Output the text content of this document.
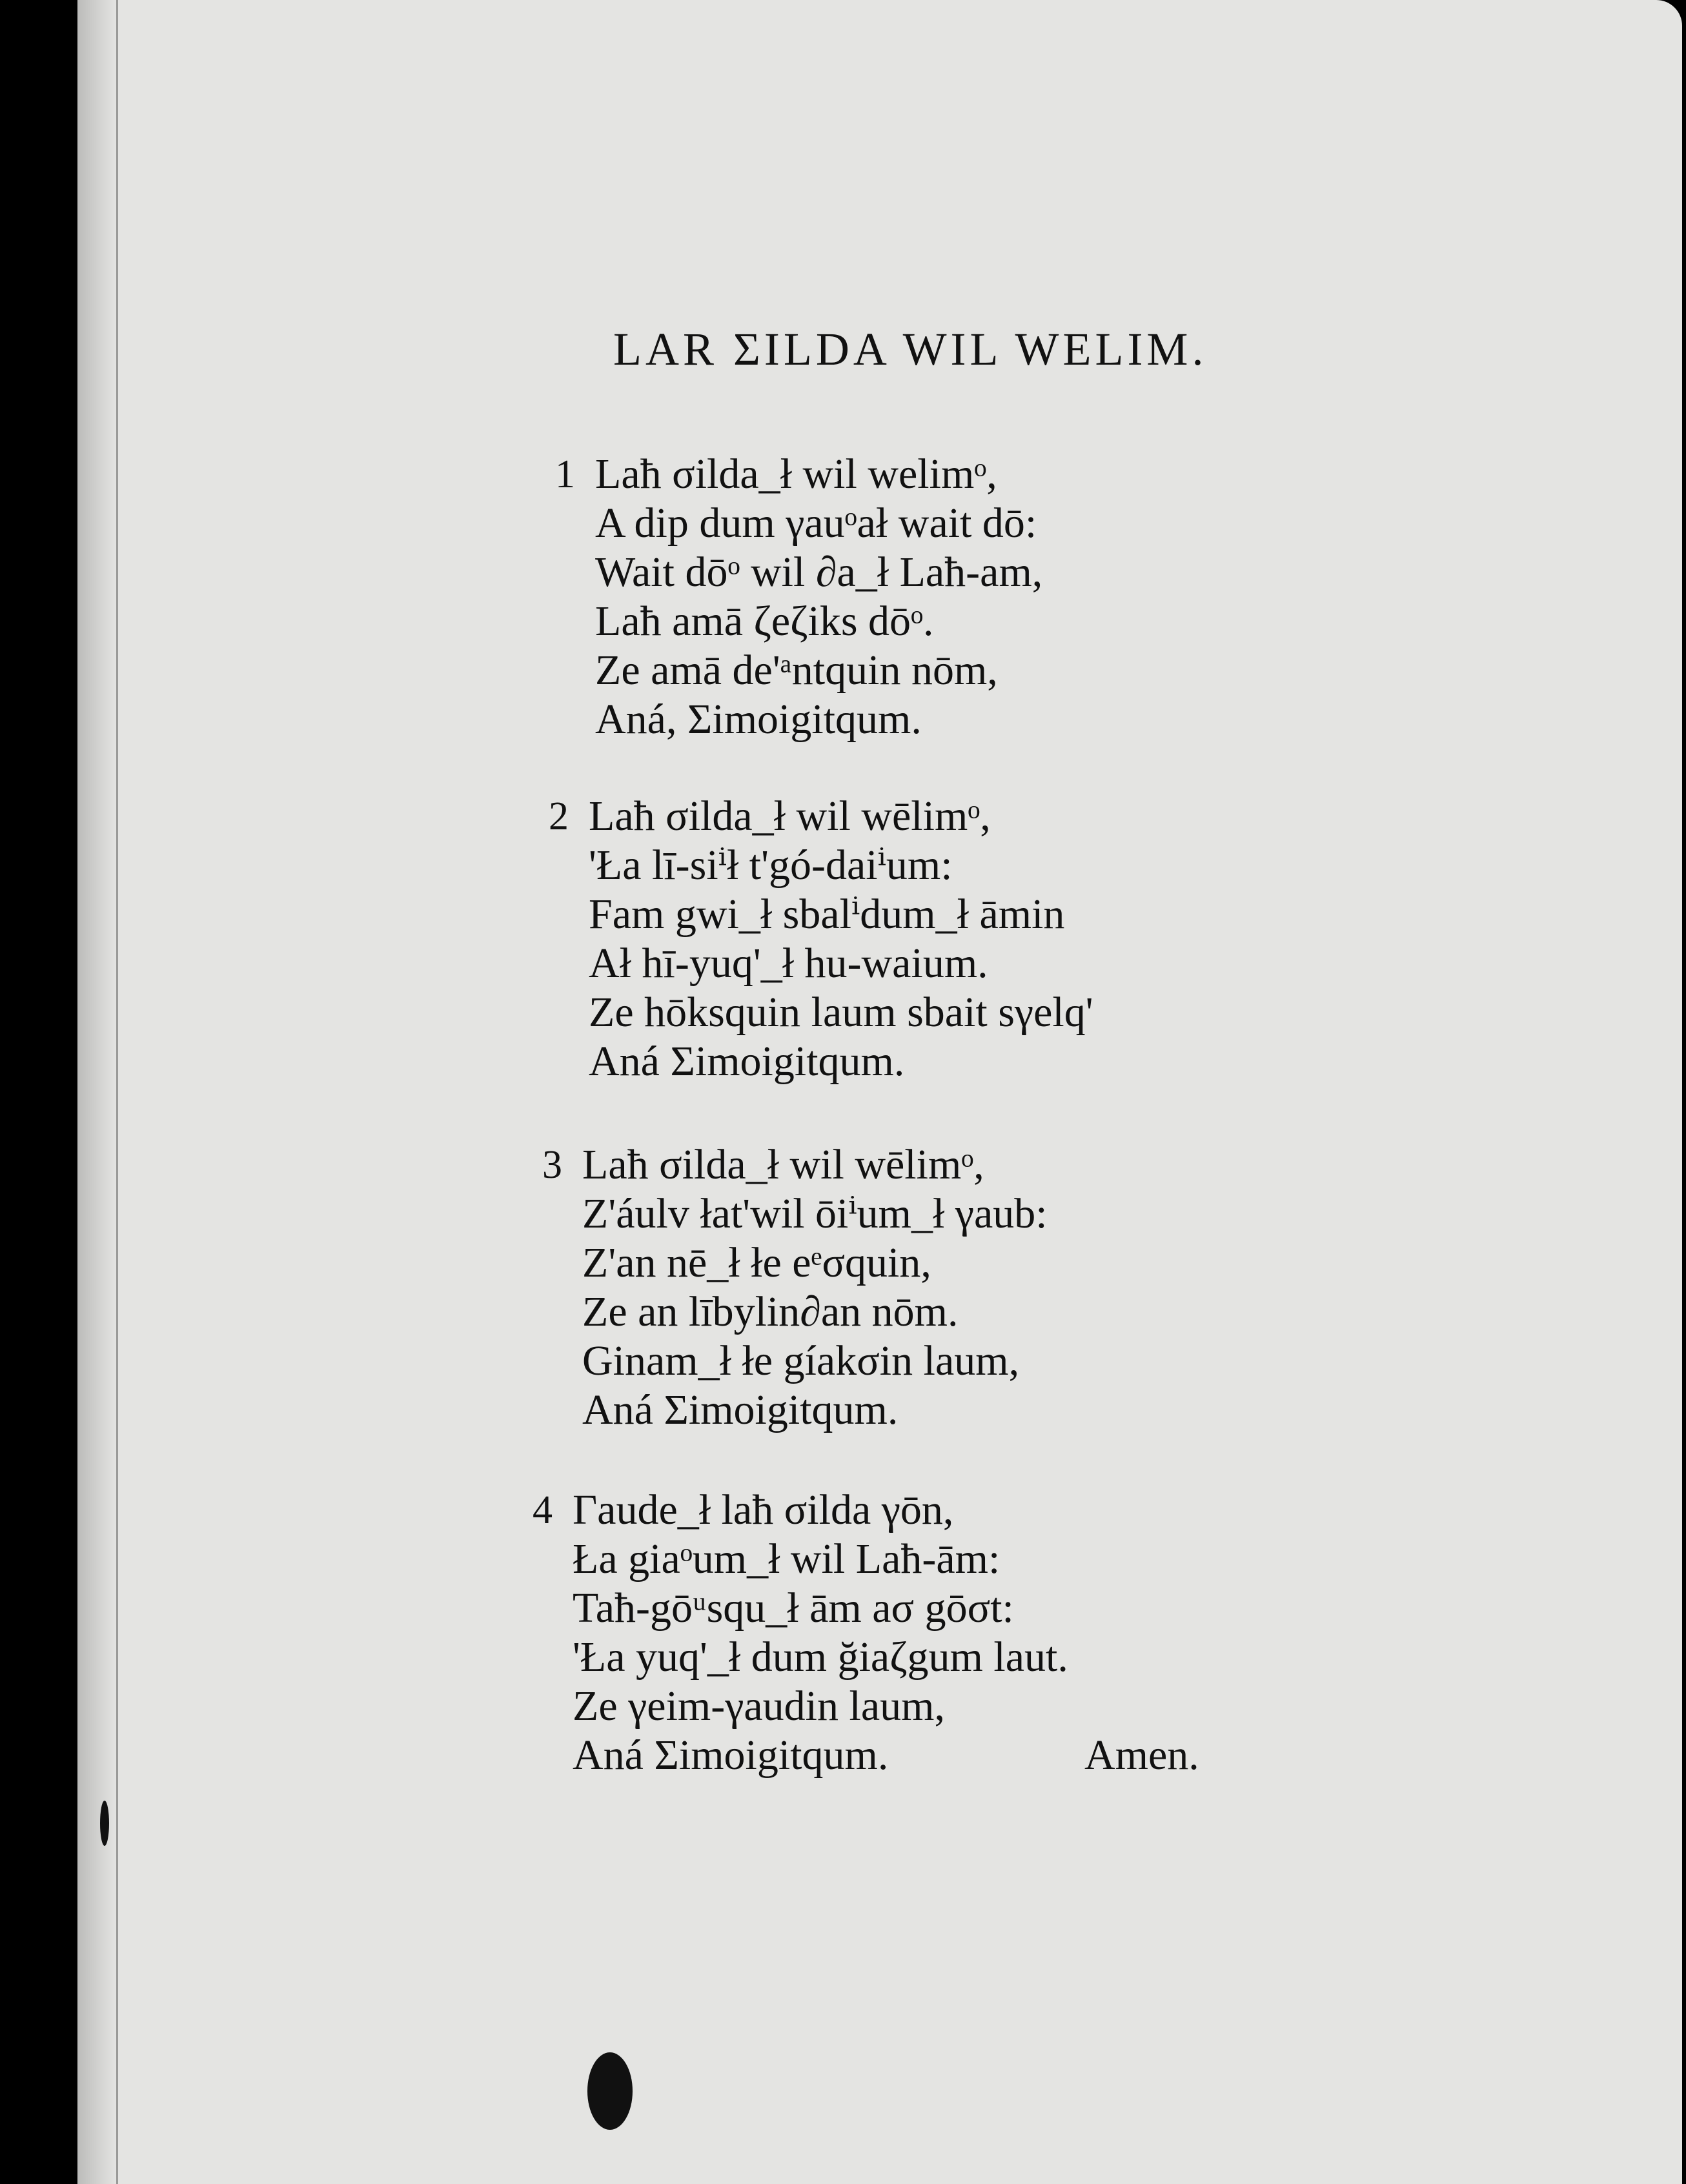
LAR ΣILDA WIL WELIM.
1 Laħ σilda_ł wil welimᵒ,
A dip dum γauᵒał wait dō:
Wait dōᵒ wil ∂a_ł Laħ-am,
Laħ amā ζeζiks dōᵒ.
Ze amā de'ᵃntquin nōm,
Aná, Σimoigitqum.
2 Laħ σilda_ł wil wēlimᵒ,
'Ła lī-siⁱł t'gó-daiⁱum:
Fam gwi_ł sbalⁱdum_ł āmin
Ał hī-yuq'_ł hu-waium.
Ze hōksquin laum sbait sγelq'
Aná Σimoigitqum.
3 Laħ σilda_ł wil wēlimᵒ,
Z'áulv łat'wil ōiⁱum_ł γaub:
Z'an nē_ł łe eᵉσquin,
Ze an lībylin∂an nōm.
Ginam_ł łe gíakσin laum,
Aná Σimoigitqum.
4 Γaude_ł laħ σilda γōn,
Ła giaᵒum_ł wil Laħ-ām:
Taħ-gōᵘsqu_ł ām aσ gōσt:
'Ła yuq'_ł dum ğiaζgum laut.
Ze γeim-γaudin laum,
Aná Σimoigitqum.	Amen.
